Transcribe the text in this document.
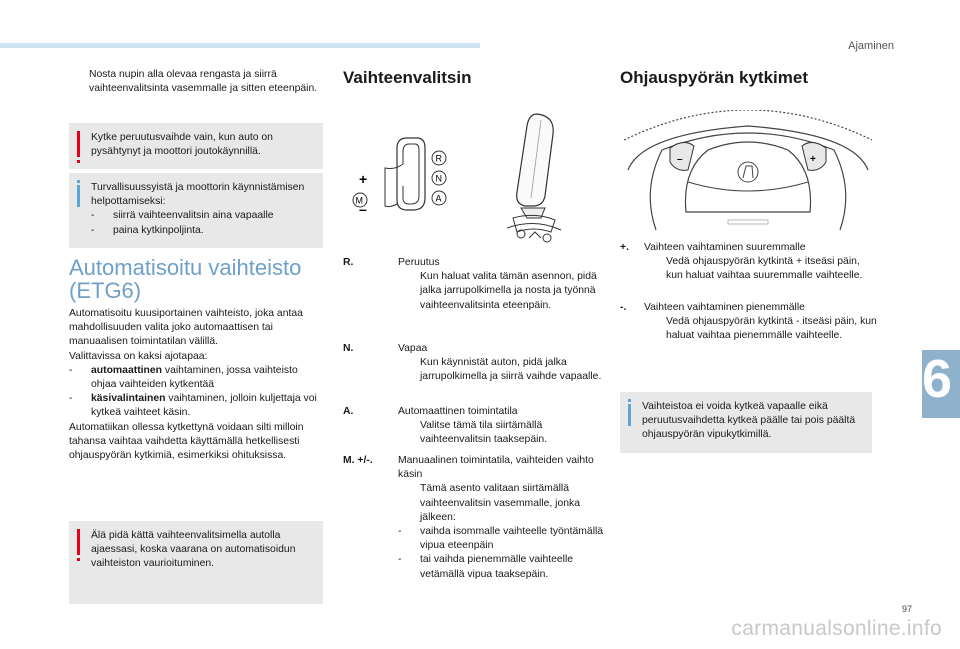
Ajaminen
6
97
Nosta nupin alla olevaa rengasta ja siirrä vaihteenvalitsinta vasemmalle ja sitten eteenpäin.
Kytke peruutusvaihde vain, kun auto on pysähtynyt ja moottori joutokäynnillä.
Turvallisuussyistä ja moottorin käynnistämisen helpottamiseksi:
-	siirrä vaihteenvalitsin aina vapaalle
-	paina kytkinpoljinta.
Automatisoitu vaihteisto
(ETG6)
Automatisoitu kuusiportainen vaihteisto, joka antaa mahdollisuuden valita joko automaattisen tai manuaalisen toimintatilan välillä.
Valittavissa on kaksi ajotapaa:
-	automaattinen vaihtaminen, jossa vaihteisto ohjaa vaihteiden kytkentää
-	käsivalintainen vaihtaminen, jolloin kuljettaja voi kytkeä vaihteet käsin.
Automatiikan ollessa kytkettynä voidaan silti milloin tahansa vaihtaa vaihdetta käyttämällä hetkellisesti ohjauspyörän kytkimiä, esimerkiksi ohituksissa.
Älä pidä kättä vaihteenvalitsimella autolla ajaessasi, koska vaarana on automatisoidun vaihteiston vaurioituminen.
Vaihteenvalitsin
+
–
M
R
N
A
R.	Peruutus
Kun haluat valita tämän asennon, pidä jalka jarrupolkimella ja nosta ja työnnä vaihteenvalitsinta eteenpäin.
N.	Vapaa
Kun käynnistät auton, pidä jalka jarrupolkimella ja siirrä vaihde vapaalle.
A.	Automaattinen toimintatila
Valitse tämä tila siirtämällä vaihteenvalitsin taaksepäin.
M. +/-. Manuaalinen toimintatila, vaihteiden vaihto käsin
Tämä asento valitaan siirtämällä vaihteenvalitsin vasemmalle, jonka jälkeen:
-	vaihda isommalle vaihteelle työntämällä vipua eteenpäin
-	tai vaihda pienemmälle vaihteelle vetämällä vipua taaksepäin.
Ohjauspyörän kytkimet
–	+
+. Vaihteen vaihtaminen suuremmalle
Vedä ohjauspyörän kytkintä + itseäsi päin, kun haluat vaihtaa suuremmalle vaihteelle.
-. Vaihteen vaihtaminen pienemmälle
Vedä ohjauspyörän kytkintä - itseäsi päin, kun haluat vaihtaa pienemmälle vaihteelle.
Vaihteistoa ei voida kytkeä vapaalle eikä peruutusvaihdetta kytkeä päälle tai pois päältä ohjauspyörän vipukytkimillä.
carmanualsonline.info
